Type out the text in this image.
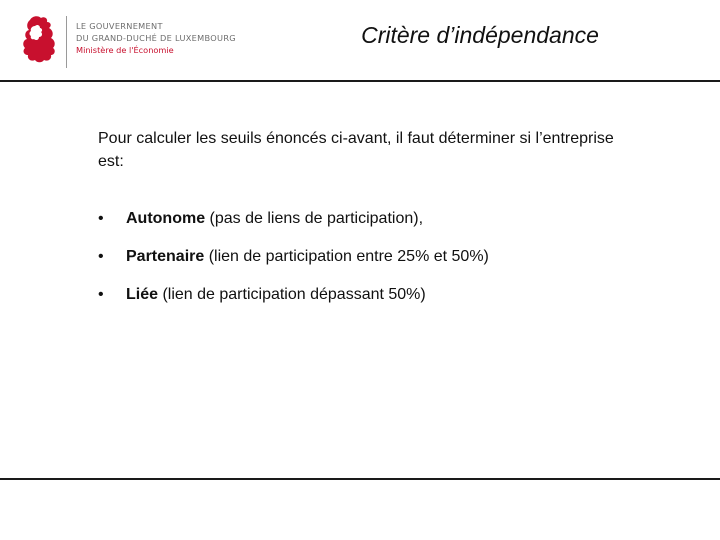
LE GOUVERNEMENT
DU GRAND-DUCHÉ DE LUXEMBOURG
Ministère de l'Économie
Critère d’indépendance
Pour calculer les seuils énoncés ci-avant, il faut déterminer si l’entreprise est:
•	Autonome (pas de liens de participation),
•	Partenaire (lien de participation entre 25% et 50%)
•	Liée (lien de participation dépassant 50%)
